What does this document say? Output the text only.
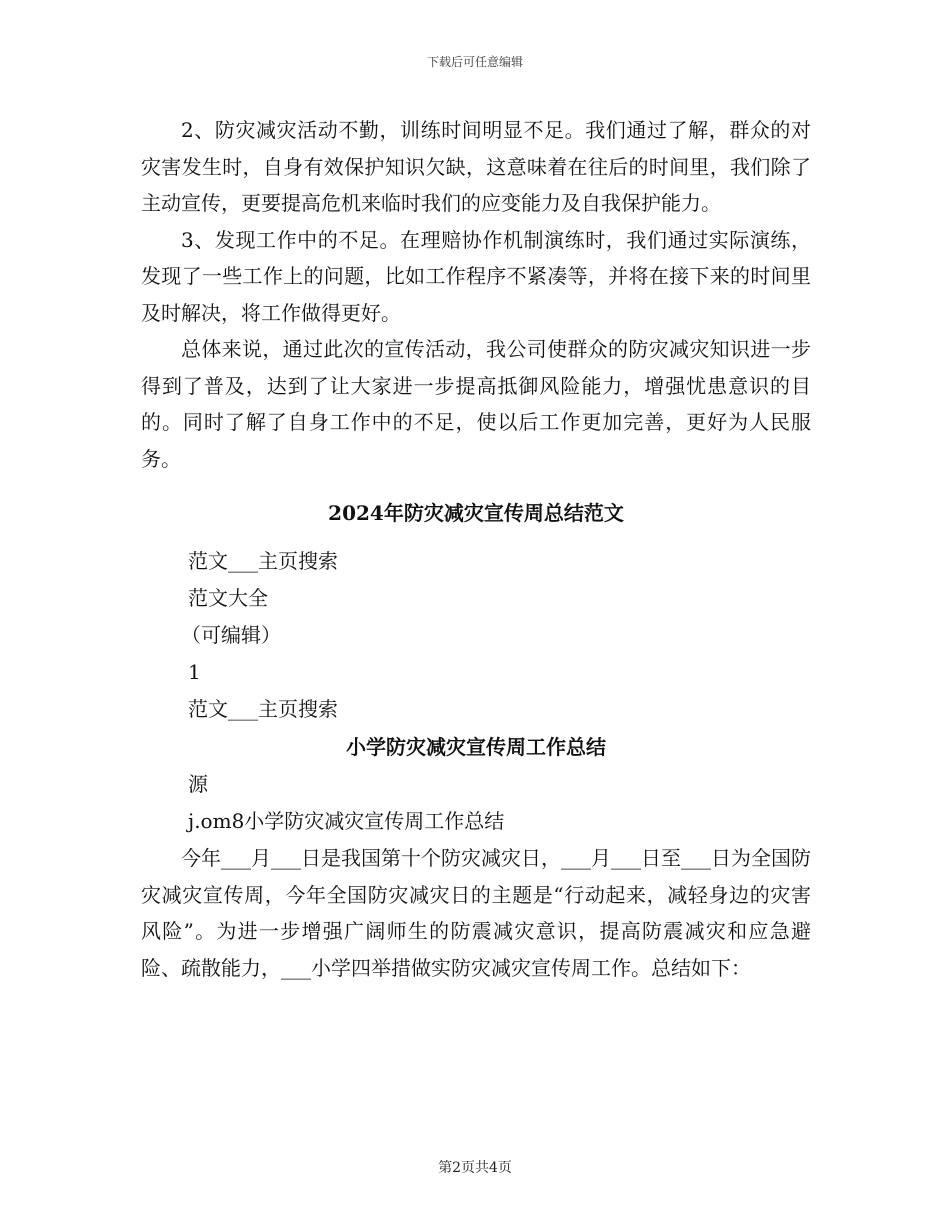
下载后可任意编辑

2、防灾减灾活动不勤，训练时间明显不足。我们通过了解，群众的对灾害发生时，自身有效保护知识欠缺，这意味着在往后的时间里，我们除了主动宣传，更要提高危机来临时我们的应变能力及自我保护能力。

3、发现工作中的不足。在理赔协作机制演练时，我们通过实际演练，发现了一些工作上的问题，比如工作程序不紧凑等，并将在接下来的时间里及时解决，将工作做得更好。

总体来说，通过此次的宣传活动，我公司使群众的防灾减灾知识进一步得到了普及，达到了让大家进一步提高抵御风险能力，增强忧患意识的目的。同时了解了自身工作中的不足，使以后工作更加完善，更好为人民服务。

2024年防灾减灾宣传周总结范文
范文___主页搜索
范文大全
（可编辑）
1
范文___主页搜索
小学防灾减灾宣传周工作总结
源
j.om8小学防灾减灾宣传周工作总结

今年___月___日是我国第十个防灾减灾日，___月___日至___日为全国防灾减灾宣传周，今年全国防灾减灾日的主题是“行动起来，减轻身边的灾害风险”。为进一步增强广阔师生的防震减灾意识，提高防震减灾和应急避险、疏散能力，___小学四举措做实防灾减灾宣传周工作。总结如下：

第2页共4页
